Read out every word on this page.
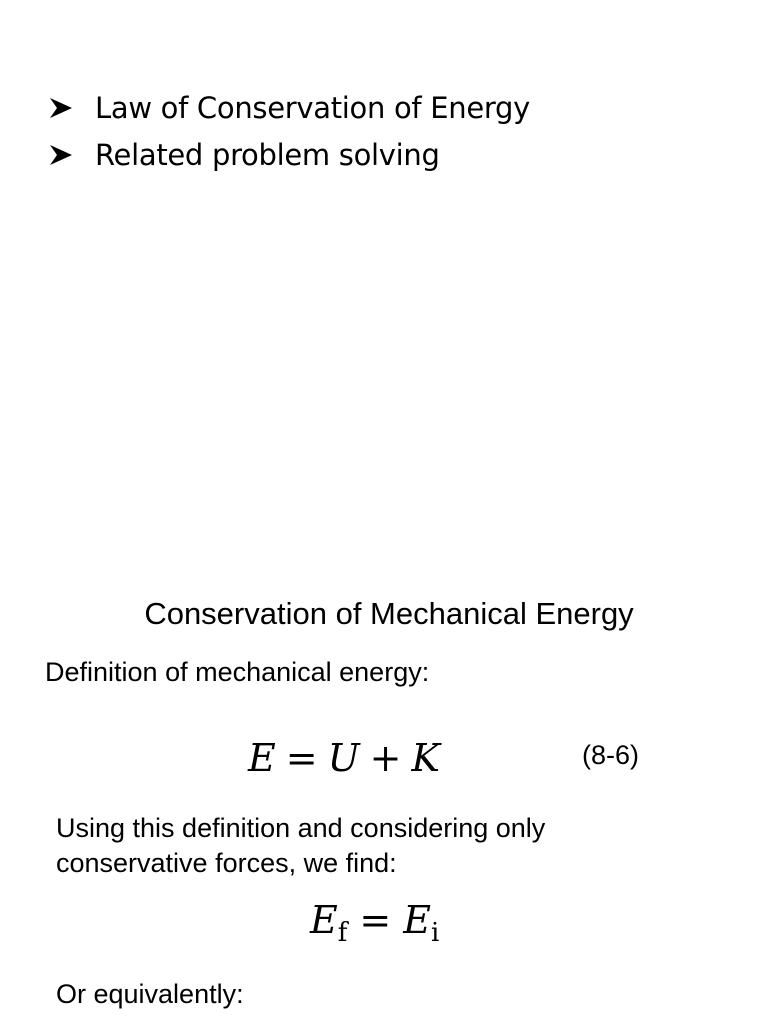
Law of Conservation of Energy
Related problem solving
Conservation of Mechanical Energy
Definition of mechanical energy:
E = U + K	(8-6)
Using this definition and considering only
conservative forces, we find:
$E_f = E_i$
Or equivalently:
